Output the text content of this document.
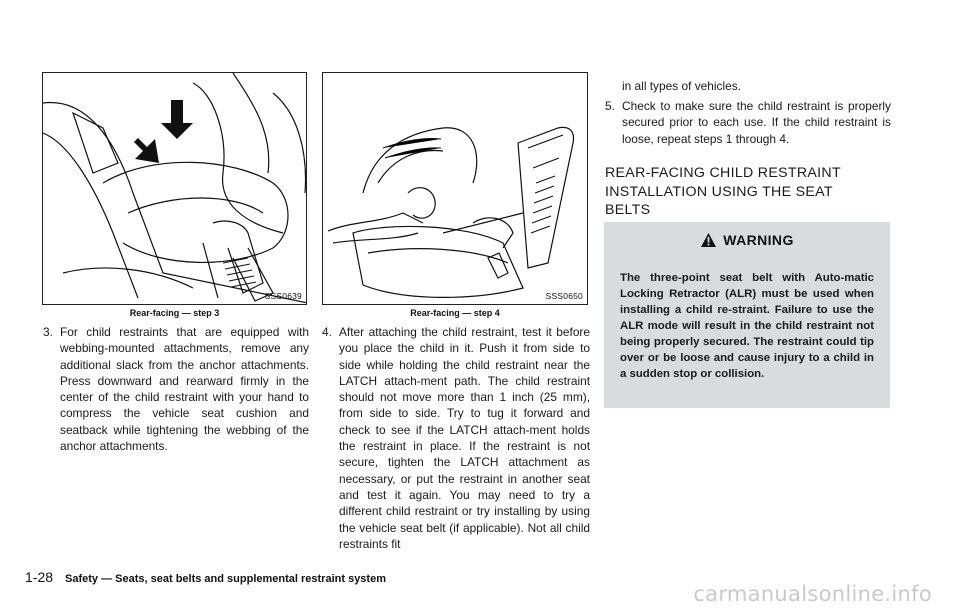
SSS0639
Rear-facing — step 3
SSS0650
Rear-facing — step 4
3. For child restraints that are equipped with webbing-mounted attachments, remove any additional slack from the anchor attachments. Press downward and rearward firmly in the center of the child restraint with your hand to compress the vehicle seat cushion and seatback while tightening the webbing of the anchor attachments.
4. After attaching the child restraint, test it before you place the child in it. Push it from side to side while holding the child restraint near the LATCH attach-ment path. The child restraint should not move more than 1 inch (25 mm), from side to side. Try to tug it forward and check to see if the LATCH attach-ment holds the restraint in place. If the restraint is not secure, tighten the LATCH attachment as necessary, or put the restraint in another seat and test it again. You may need to try a different child restraint or try installing by using the vehicle seat belt (if applicable). Not all child restraints fit
in all types of vehicles.
5. Check to make sure the child restraint is properly secured prior to each use. If the child restraint is loose, repeat steps 1 through 4.
REAR-FACING CHILD RESTRAINT INSTALLATION USING THE SEAT BELTS
WARNING
The three-point seat belt with Auto-matic Locking Retractor (ALR) must be used when installing a child re-straint. Failure to use the ALR mode will result in the child restraint not being properly secured. The restraint could tip over or be loose and cause injury to a child in a sudden stop or collision.
1-28 Safety — Seats, seat belts and supplemental restraint system
carmanualsonline.info
